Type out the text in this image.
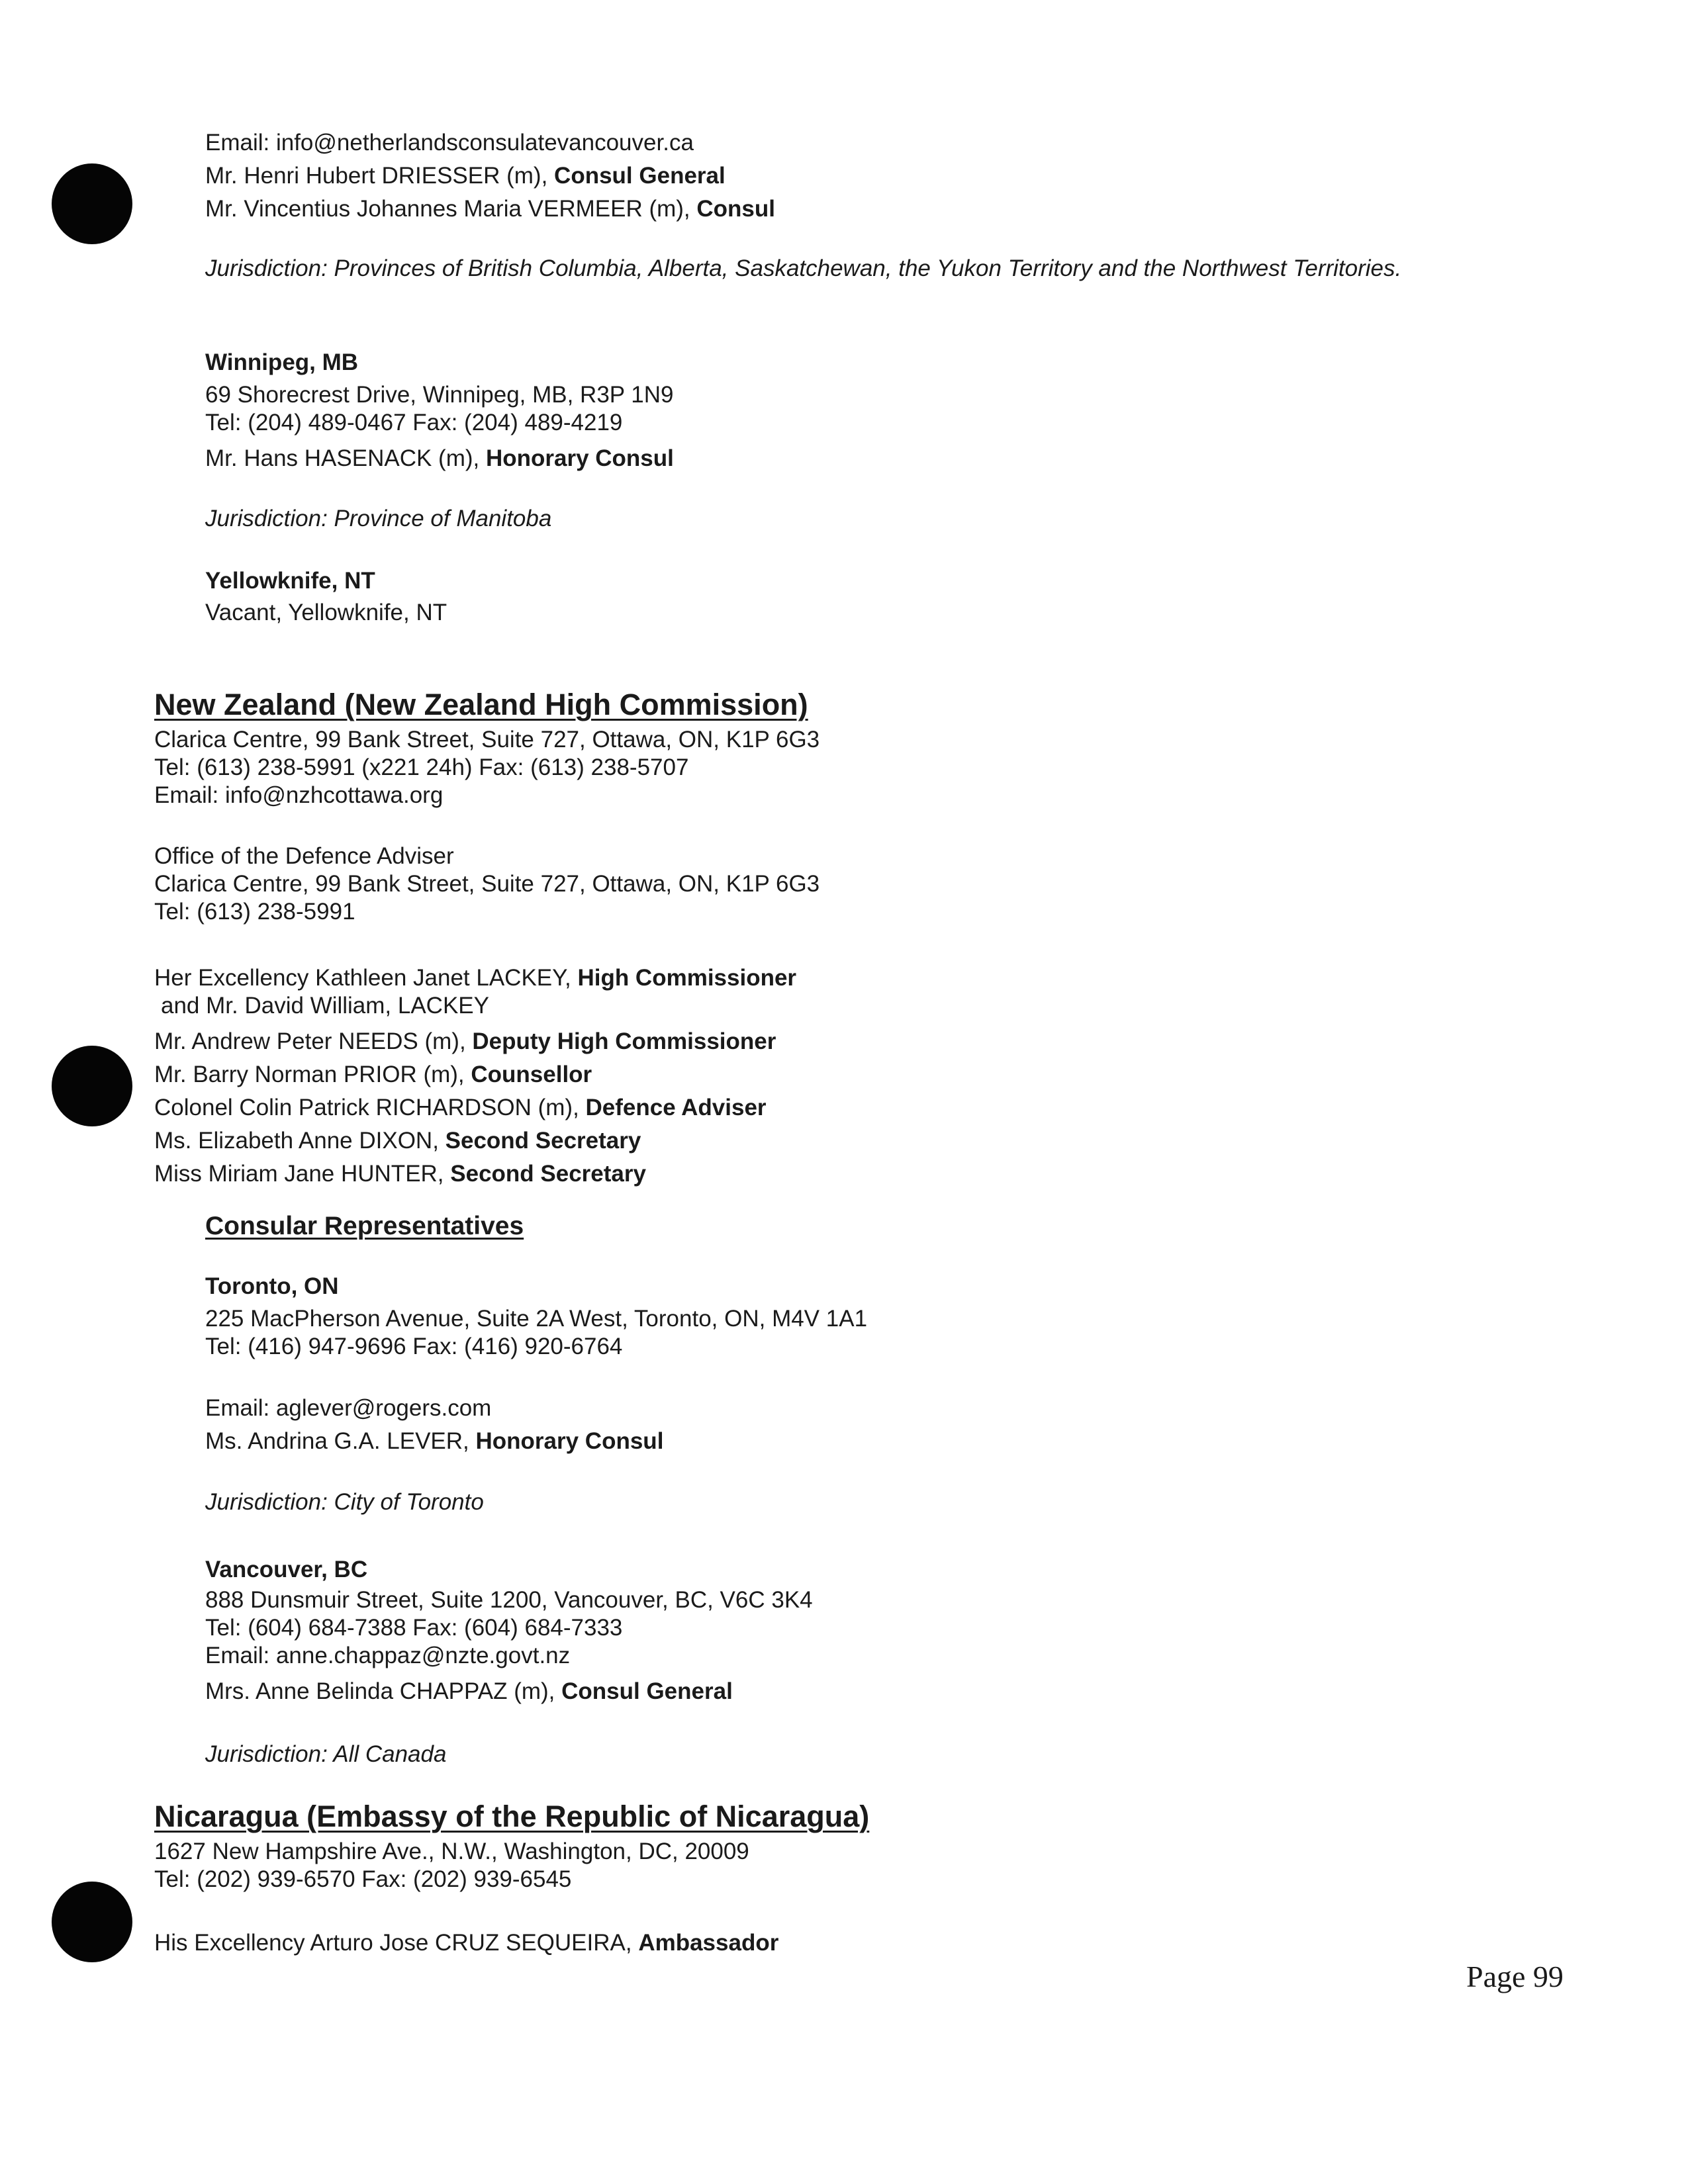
Email: info@netherlandsconsulatevancouver.ca
Mr. Henri Hubert DRIESSER (m), Consul General
Mr. Vincentius Johannes Maria VERMEER (m), Consul
Jurisdiction: Provinces of British Columbia, Alberta, Saskatchewan, the Yukon Territory and the Northwest Territories.
Winnipeg, MB
69 Shorecrest Drive, Winnipeg, MB, R3P 1N9
Tel: (204) 489-0467 Fax: (204) 489-4219
Mr. Hans HASENACK (m), Honorary Consul
Jurisdiction: Province of Manitoba
Yellowknife, NT
Vacant, Yellowknife, NT
New Zealand (New Zealand High Commission)
Clarica Centre, 99 Bank Street, Suite 727, Ottawa, ON, K1P 6G3
Tel: (613) 238-5991 (x221 24h) Fax: (613) 238-5707
Email: info@nzhcottawa.org
Office of the Defence Adviser
Clarica Centre, 99 Bank Street, Suite 727, Ottawa, ON, K1P 6G3
Tel: (613) 238-5991
Her Excellency Kathleen Janet LACKEY, High Commissioner
and Mr. David William, LACKEY
Mr. Andrew Peter NEEDS (m), Deputy High Commissioner
Mr. Barry Norman PRIOR (m), Counsellor
Colonel Colin Patrick RICHARDSON (m), Defence Adviser
Ms. Elizabeth Anne DIXON, Second Secretary
Miss Miriam Jane HUNTER, Second Secretary
Consular Representatives
Toronto, ON
225 MacPherson Avenue, Suite 2A West, Toronto, ON, M4V 1A1
Tel: (416) 947-9696 Fax: (416) 920-6764
Email: aglever@rogers.com
Ms. Andrina G.A. LEVER, Honorary Consul
Jurisdiction: City of Toronto
Vancouver, BC
888 Dunsmuir Street, Suite 1200, Vancouver, BC, V6C 3K4
Tel: (604) 684-7388 Fax: (604) 684-7333
Email: anne.chappaz@nzte.govt.nz
Mrs. Anne Belinda CHAPPAZ (m), Consul General
Jurisdiction: All Canada
Nicaragua (Embassy of the Republic of Nicaragua)
1627 New Hampshire Ave., N.W., Washington, DC, 20009
Tel: (202) 939-6570 Fax: (202) 939-6545
His Excellency Arturo Jose CRUZ SEQUEIRA, Ambassador
Page 99
